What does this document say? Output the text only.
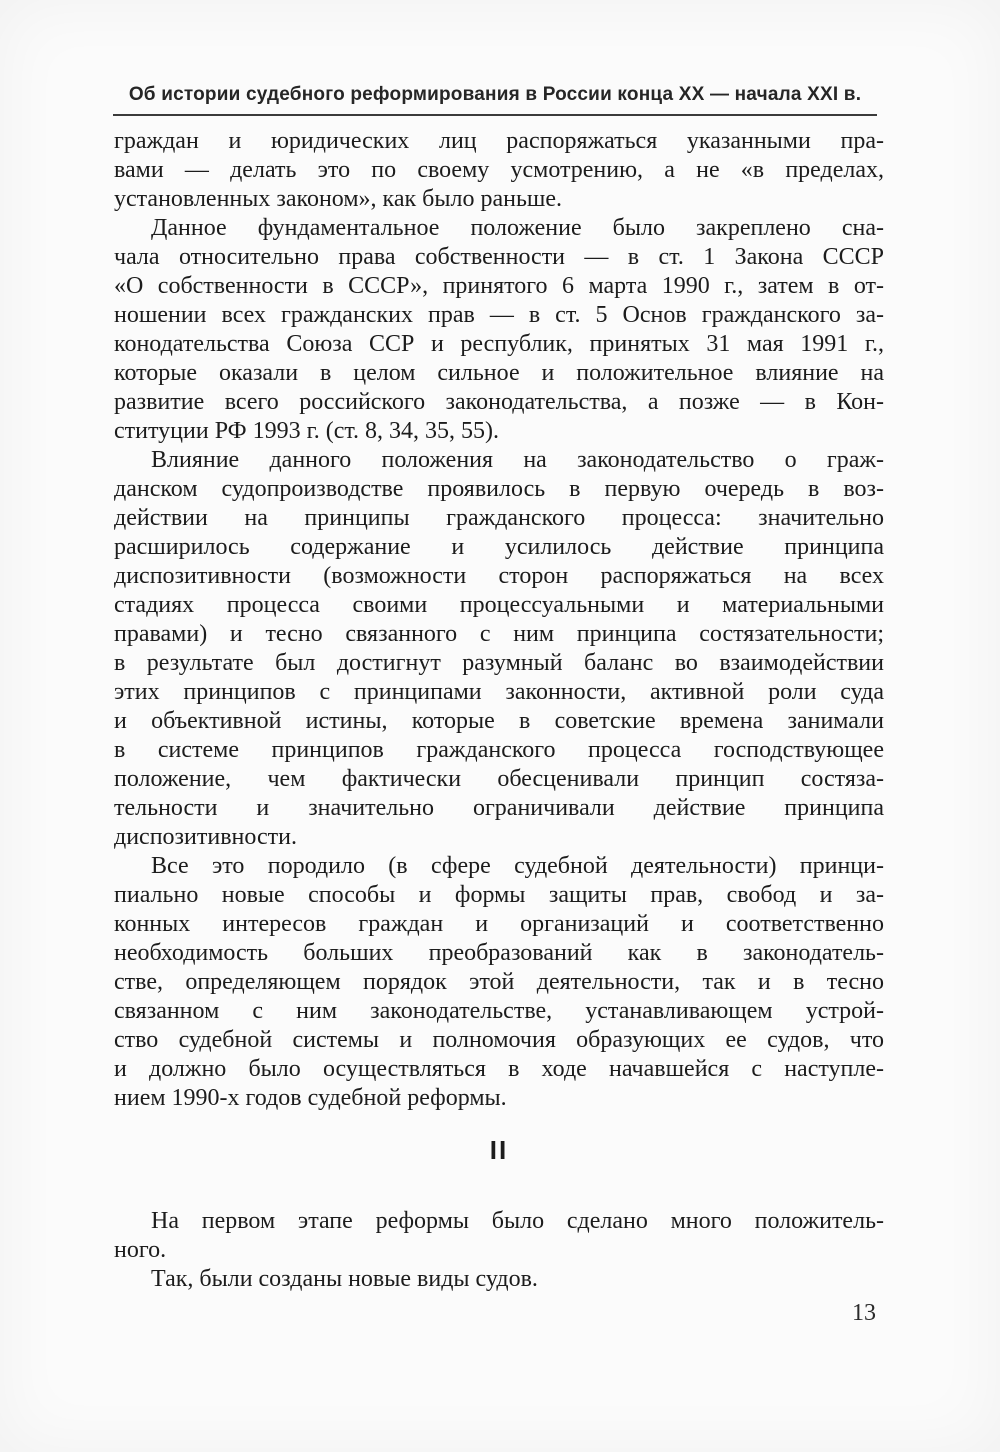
Об истории судебного реформирования в России конца XX — начала XXI в.
граждан и юридических лиц распоряжаться указанными пра-
вами — делать это по своему усмотрению, а не «в пределах,
установленных законом», как было раньше.
Данное фундаментальное положение было закреплено сна-
чала относительно права собственности — в ст. 1 Закона СССР
«О собственности в СССР», принятого 6 марта 1990 г., затем в от-
ношении всех гражданских прав — в ст. 5 Основ гражданского за-
конодательства Союза ССР и республик, принятых 31 мая 1991 г.,
которые оказали в целом сильное и положительное влияние на
развитие всего российского законодательства, а позже — в Кон-
ституции РФ 1993 г. (ст. 8, 34, 35, 55).
Влияние данного положения на законодательство о граж-
данском судопроизводстве проявилось в первую очередь в воз-
действии на принципы гражданского процесса: значительно
расширилось содержание и усилилось действие принципа
диспозитивности (возможности сторон распоряжаться на всех
стадиях процесса своими процессуальными и материальными
правами) и тесно связанного с ним принципа состязательности;
в результате был достигнут разумный баланс во взаимодействии
этих принципов с принципами законности, активной роли суда
и объективной истины, которые в советские времена занимали
в системе принципов гражданского процесса господствующее
положение, чем фактически обесценивали принцип состяза-
тельности и значительно ограничивали действие принципа
диспозитивности.
Все это породило (в сфере судебной деятельности) принци-
пиально новые способы и формы защиты прав, свобод и за-
конных интересов граждан и организаций и соответственно
необходимость больших преобразований как в законодатель-
стве, определяющем порядок этой деятельности, так и в тесно
связанном с ним законодательстве, устанавливающем устрой-
ство судебной системы и полномочия образующих ее судов, что
и должно было осуществляться в ходе начавшейся с наступле-
нием 1990-х годов судебной реформы.
II
На первом этапе реформы было сделано много положитель-
ного.
Так, были созданы новые виды судов.
13
